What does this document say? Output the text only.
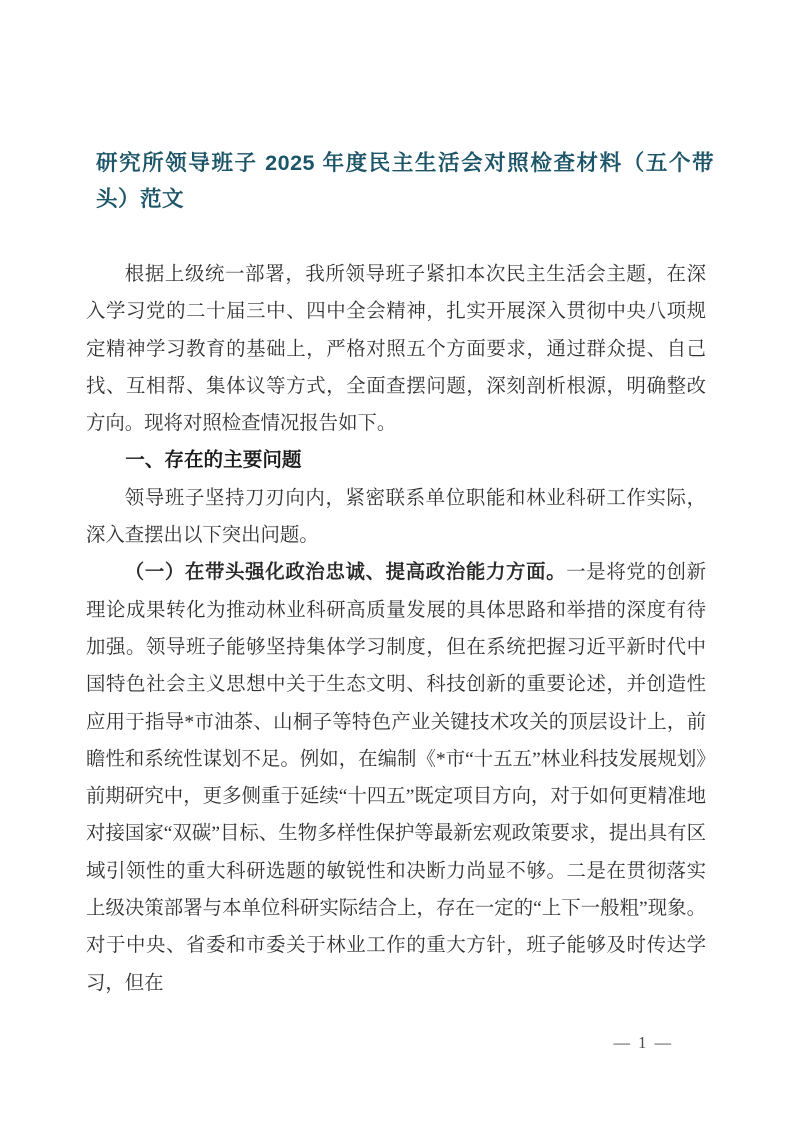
研究所领导班子 2025 年度民主生活会对照检查材料（五个带头）范文

根据上级统一部署，我所领导班子紧扣本次民主生活会主题，在深入学习党的二十届三中、四中全会精神，扎实开展深入贯彻中央八项规定精神学习教育的基础上，严格对照五个方面要求，通过群众提、自己找、互相帮、集体议等方式，全面查摆问题，深刻剖析根源，明确整改方向。现将对照检查情况报告如下。

一、存在的主要问题

领导班子坚持刀刃向内，紧密联系单位职能和林业科研工作实际，深入查摆出以下突出问题。

（一）在带头强化政治忠诚、提高政治能力方面。一是将党的创新理论成果转化为推动林业科研高质量发展的具体思路和举措的深度有待加强。领导班子能够坚持集体学习制度，但在系统把握习近平新时代中国特色社会主义思想中关于生态文明、科技创新的重要论述，并创造性应用于指导*市油茶、山桐子等特色产业关键技术攻关的顶层设计上，前瞻性和系统性谋划不足。例如，在编制《*市“十五五”林业科技发展规划》前期研究中，更多侧重于延续“十四五”既定项目方向，对于如何更精准地对接国家“双碳”目标、生物多样性保护等最新宏观政策要求，提出具有区域引领性的重大科研选题的敏锐性和决断力尚显不够。二是在贯彻落实上级决策部署与本单位科研实际结合上，存在一定的“上下一般粗”现象。对于中央、省委和市委关于林业工作的重大方针，班子能够及时传达学习，但在

— 1 —
